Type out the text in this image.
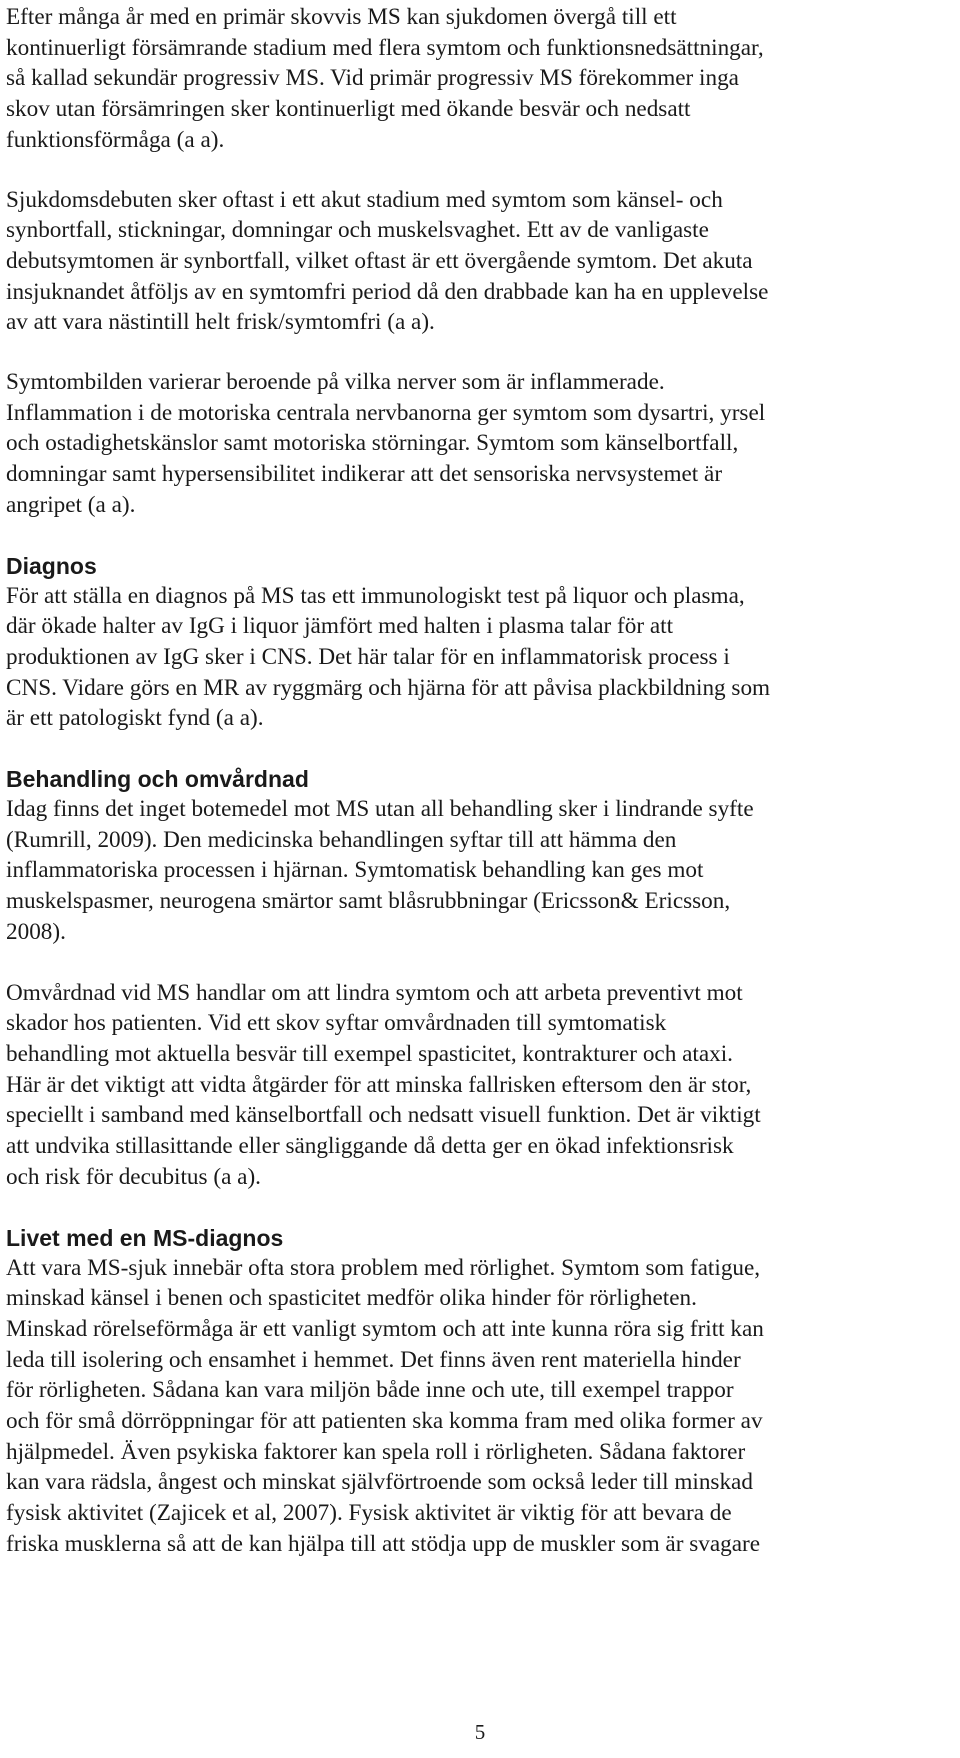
Efter många år med en primär skovvis MS kan sjukdomen övergå till ett
kontinuerligt försämrande stadium med flera symtom och funktionsnedsättningar,
så kallad sekundär progressiv MS. Vid primär progressiv MS förekommer inga
skov utan försämringen sker kontinuerligt med ökande besvär och nedsatt
funktionsförmåga (a a).

Sjukdomsdebuten sker oftast i ett akut stadium med symtom som känsel- och
synbortfall, stickningar, domningar och muskelsvaghet. Ett av de vanligaste
debutsymtomen är synbortfall, vilket oftast är ett övergående symtom. Det akuta
insjuknandet åtföljs av en symtomfri period då den drabbade kan ha en upplevelse
av att vara nästintill helt frisk/symtomfri (a a).

Symtombilden varierar beroende på vilka nerver som är inflammerade.
Inflammation i de motoriska centrala nervbanorna ger symtom som dysartri, yrsel
och ostadighetskänslor samt motoriska störningar. Symtom som känselbortfall,
domningar samt hypersensibilitet indikerar att det sensoriska nervsystemet är
angripet (a a).

Diagnos

För att ställa en diagnos på MS tas ett immunologiskt test på liquor och plasma,
där ökade halter av IgG i liquor jämfört med halten i plasma talar för att
produktionen av IgG sker i CNS. Det här talar för en inflammatorisk process i
CNS. Vidare görs en MR av ryggmärg och hjärna för att påvisa plackbildning som
är ett patologiskt fynd (a a).

Behandling och omvårdnad

Idag finns det inget botemedel mot MS utan all behandling sker i lindrande syfte
(Rumrill, 2009). Den medicinska behandlingen syftar till att hämma den
inflammatoriska processen i hjärnan. Symtomatisk behandling kan ges mot
muskelspasmer, neurogena smärtor samt blåsrubbningar (Ericsson& Ericsson,
2008).

Omvårdnad vid MS handlar om att lindra symtom och att arbeta preventivt mot
skador hos patienten. Vid ett skov syftar omvårdnaden till symtomatisk
behandling mot aktuella besvär till exempel spasticitet, kontrakturer och ataxi.
Här är det viktigt att vidta åtgärder för att minska fallrisken eftersom den är stor,
speciellt i samband med känselbortfall och nedsatt visuell funktion. Det är viktigt
att undvika stillasittande eller sängliggande då detta ger en ökad infektionsrisk
och risk för decubitus (a a).

Livet med en MS-diagnos

Att vara MS-sjuk innebär ofta stora problem med rörlighet. Symtom som fatigue,
minskad känsel i benen och spasticitet medför olika hinder för rörligheten.
Minskad rörelseförmåga är ett vanligt symtom och att inte kunna röra sig fritt kan
leda till isolering och ensamhet i hemmet. Det finns även rent materiella hinder
för rörligheten. Sådana kan vara miljön både inne och ute, till exempel trappor
och för små dörröppningar för att patienten ska komma fram med olika former av
hjälpmedel. Även psykiska faktorer kan spela roll i rörligheten. Sådana faktorer
kan vara rädsla, ångest och minskat självförtroende som också leder till minskad
fysisk aktivitet (Zajicek et al, 2007). Fysisk aktivitet är viktig för att bevara de
friska musklerna så att de kan hjälpa till att stödja upp de muskler som är svagare

5
